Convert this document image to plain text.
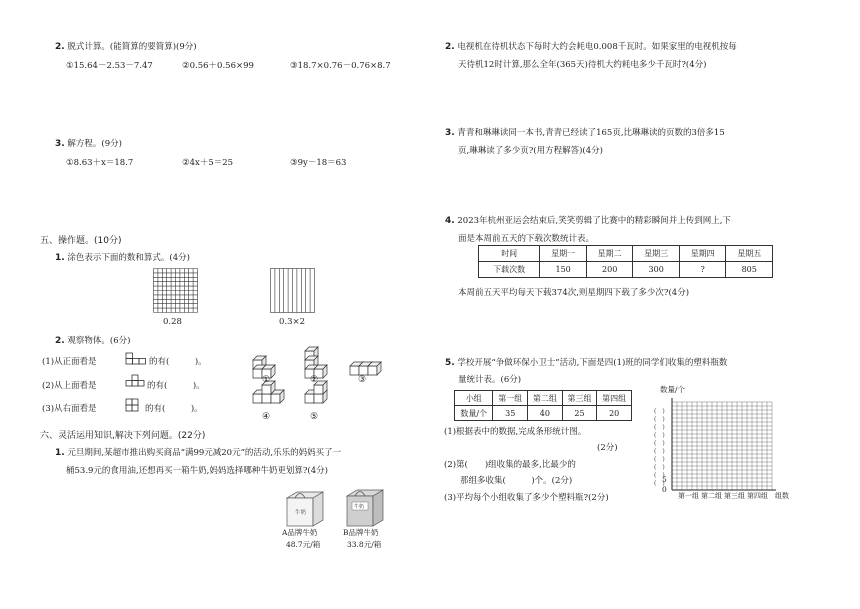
2. 脱式计算。(能简算的要简算)(9分)
①15.64－2.53－7.47	②0.56＋0.56×99	③18.7×0.76－0.76×8.7
3. 解方程。(9分)
①8.63＋x＝18.7	②4x＋5＝25	③9y－18＝63
五、操作题。(10分)
1. 涂色表示下面的数和算式。(4分)
0.28	0.3×2
2. 观察物体。(6分)
(1)从正面看是	的有(　　　)。
(2)从上面看是	的有(　　　)。
(3)从右面看是	的有(　　　)。
①	②	③
④	⑤
六、灵活运用知识,解决下列问题。(22分)
1. 元旦期间,某超市推出购买商品“满99元减20元”的活动,乐乐的妈妈买了一
桶53.9元的食用油,还想再买一箱牛奶,妈妈选择哪种牛奶更划算?(4分)
牛奶
牛奶
A品牌牛奶
48.7元/箱
B品牌牛奶
33.8元/箱
2. 电视机在待机状态下每时大约会耗电0.008千瓦时。如果家里的电视机按每
天待机12时计算,那么全年(365天)待机大约耗电多少千瓦时?(4分)
3. 青青和琳琳读同一本书,青青已经读了165页,比琳琳读的页数的3倍多15
页,琳琳读了多少页?(用方程解答)(4分)
4. 2023年杭州亚运会结束后,笑笑剪辑了比赛中的精彩瞬间并上传到网上,下
面是本周前五天的下载次数统计表。
时间	星期一	星期二	星期三	星期四	星期五
下载次数	150	200	300	?	805
本周前五天平均每天下载374次,则星期四下载了多少次?(4分)
5. 学校开展“争做环保小卫士”活动,下面是四(1)班的同学们收集的塑料瓶数
量统计表。(6分)
小组	第一组	第二组	第三组	第四组
数量/个	35	40	25	20
(1)根据表中的数据,完成条形统计图。
(2分)
(2)第(　　)组收集的最多,比最少的
那组多收集(　　　)个。(2分)
(3)平均每个小组收集了多少个塑料瓶?(2分)
数量/个
5
0
(  )
(  )
(  )
(  )
(  )
(  )
(  )
(  )
(  )
(  )
第一组 第二组 第三组 第四组 组数
